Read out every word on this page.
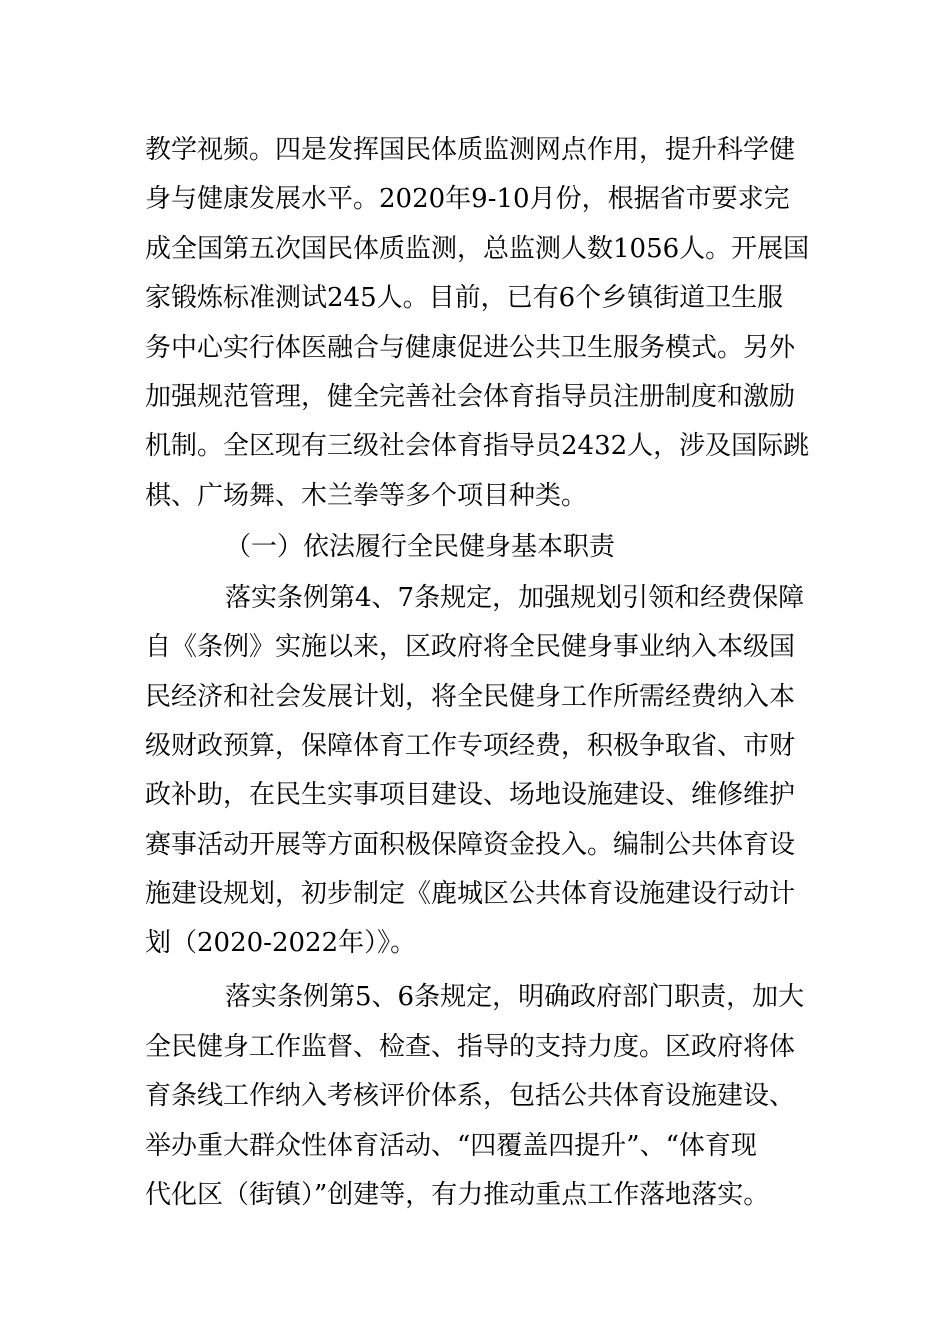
教学视频。四是发挥国民体质监测网点作用，提升科学健
身与健康发展水平。2020年9-10月份，根据省市要求完
成全国第五次国民体质监测，总监测人数1056人。开展国
家锻炼标准测试245人。目前，已有6个乡镇街道卫生服
务中心实行体医融合与健康促进公共卫生服务模式。另外
加强规范管理，健全完善社会体育指导员注册制度和激励
机制。全区现有三级社会体育指导员2432人，涉及国际跳
棋、广场舞、木兰拳等多个项目种类。
（一）依法履行全民健身基本职责
落实条例第4、7条规定，加强规划引领和经费保障
自《条例》实施以来，区政府将全民健身事业纳入本级国
民经济和社会发展计划，将全民健身工作所需经费纳入本
级财政预算，保障体育工作专项经费，积极争取省、市财
政补助，在民生实事项目建设、场地设施建设、维修维护
赛事活动开展等方面积极保障资金投入。编制公共体育设
施建设规划，初步制定《鹿城区公共体育设施建设行动计
划（2020-2022年）》。
落实条例第5、6条规定，明确政府部门职责，加大
全民健身工作监督、检查、指导的支持力度。区政府将体
育条线工作纳入考核评价体系，包括公共体育设施建设、
举办重大群众性体育活动、“四覆盖四提升”、“体育现
代化区（街镇）”创建等，有力推动重点工作落地落实。
